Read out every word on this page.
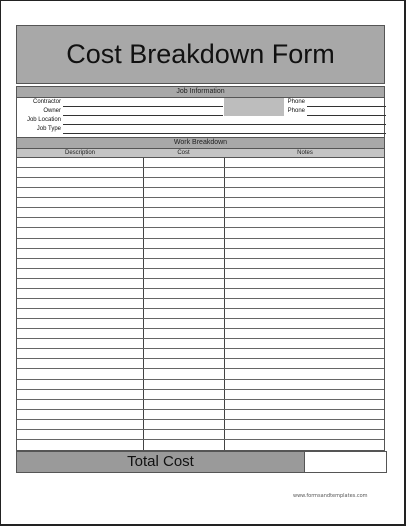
Cost Breakdown Form
Job Information
Contractor	Phone
Owner	Phone
Job Location
Job Type
Work Breakdown
Description	Cost	Notes
Total Cost
www.formsandtemplates.com
